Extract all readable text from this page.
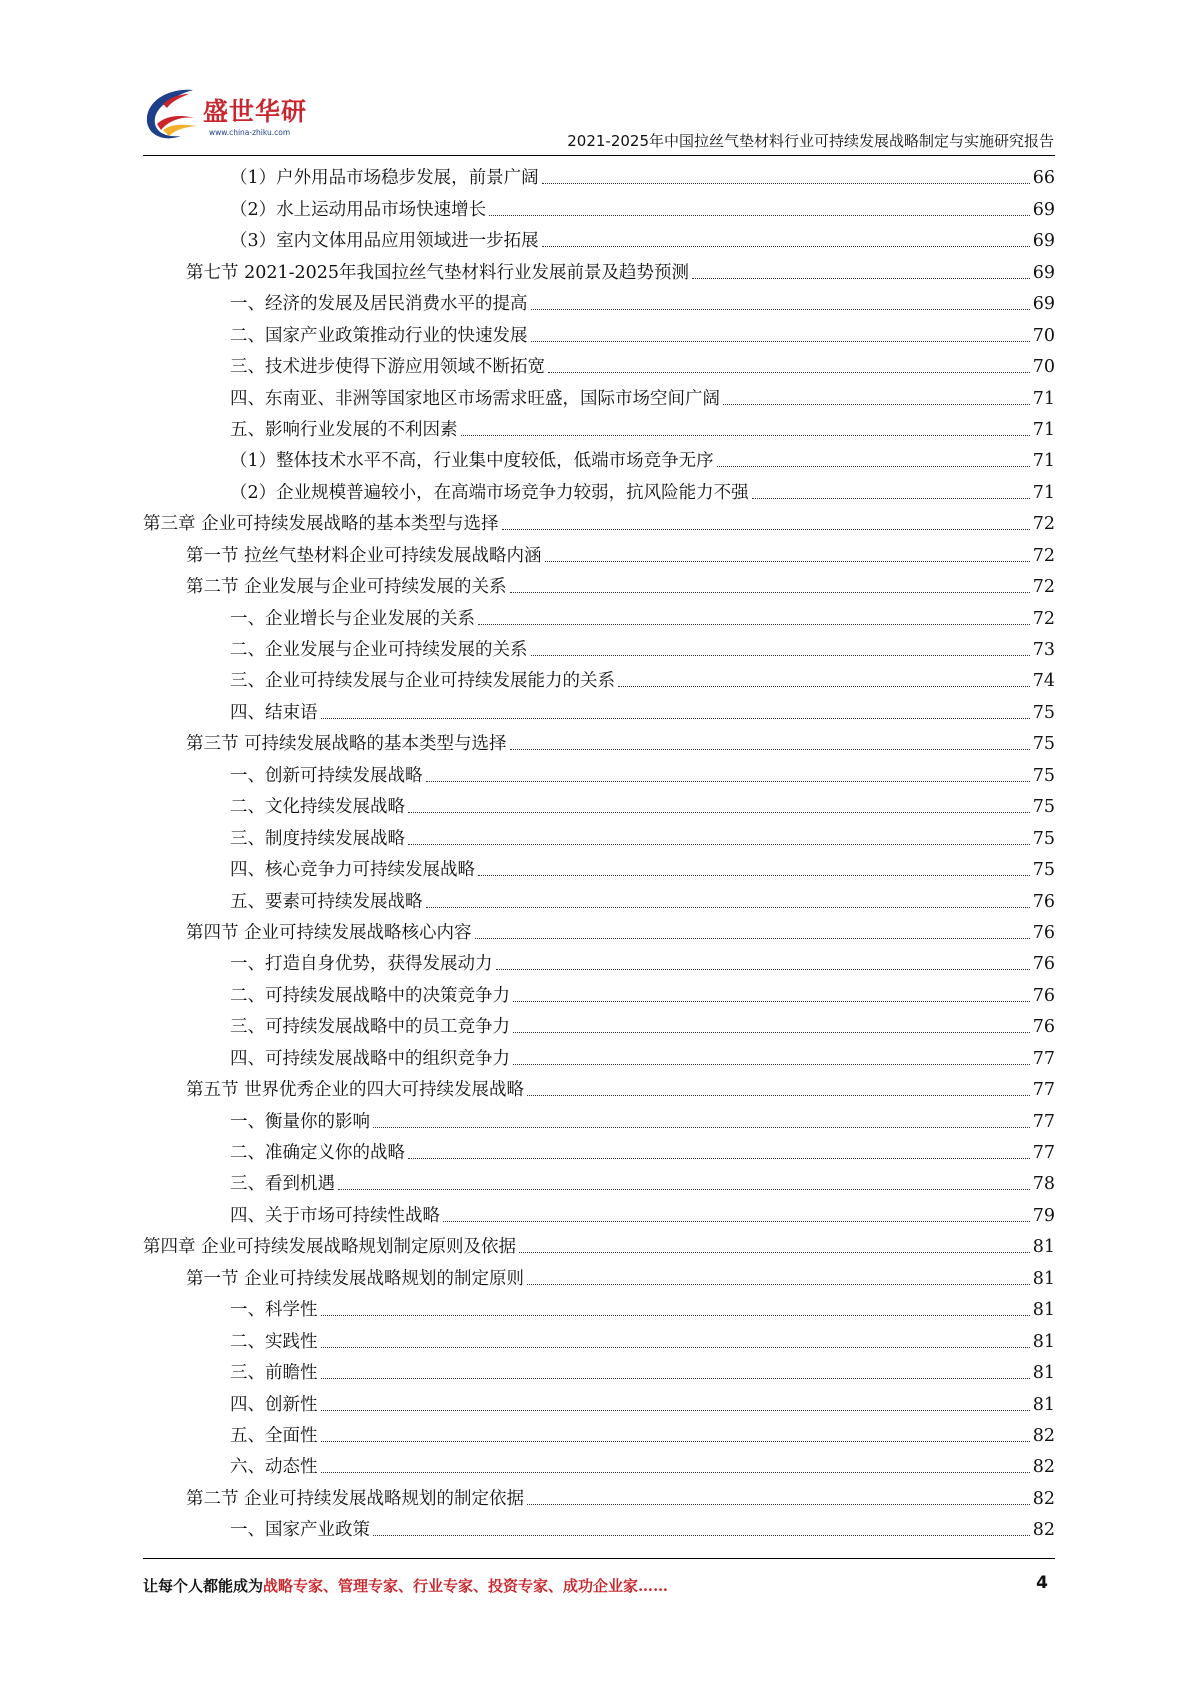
盛世华研
www.china-zhiku.com	2021-2025年中国拉丝气垫材料行业可持续发展战略制定与实施研究报告
（1）户外用品市场稳步发展，前景广阔	66
（2）水上运动用品市场快速增长	69
（3）室内文体用品应用领域进一步拓展	69
第七节 2021-2025年我国拉丝气垫材料行业发展前景及趋势预测	69
一、经济的发展及居民消费水平的提高	69
二、国家产业政策推动行业的快速发展	70
三、技术进步使得下游应用领域不断拓宽	70
四、东南亚、非洲等国家地区市场需求旺盛，国际市场空间广阔	71
五、影响行业发展的不利因素	71
（1）整体技术水平不高，行业集中度较低，低端市场竞争无序	71
（2）企业规模普遍较小，在高端市场竞争力较弱，抗风险能力不强	71
第三章 企业可持续发展战略的基本类型与选择	72
第一节 拉丝气垫材料企业可持续发展战略内涵	72
第二节 企业发展与企业可持续发展的关系	72
一、企业增长与企业发展的关系	72
二、企业发展与企业可持续发展的关系	73
三、企业可持续发展与企业可持续发展能力的关系	74
四、结束语	75
第三节 可持续发展战略的基本类型与选择	75
一、创新可持续发展战略	75
二、文化持续发展战略	75
三、制度持续发展战略	75
四、核心竞争力可持续发展战略	75
五、要素可持续发展战略	76
第四节 企业可持续发展战略核心内容	76
一、打造自身优势，获得发展动力	76
二、可持续发展战略中的决策竞争力	76
三、可持续发展战略中的员工竞争力	76
四、可持续发展战略中的组织竞争力	77
第五节 世界优秀企业的四大可持续发展战略	77
一、衡量你的影响	77
二、准确定义你的战略	77
三、看到机遇	78
四、关于市场可持续性战略	79
第四章 企业可持续发展战略规划制定原则及依据	81
第一节 企业可持续发展战略规划的制定原则	81
一、科学性	81
二、实践性	81
三、前瞻性	81
四、创新性	81
五、全面性	82
六、动态性	82
第二节 企业可持续发展战略规划的制定依据	82
一、国家产业政策	82
让每个人都能成为战略专家、管理专家、行业专家、投资专家、成功企业家……	4
